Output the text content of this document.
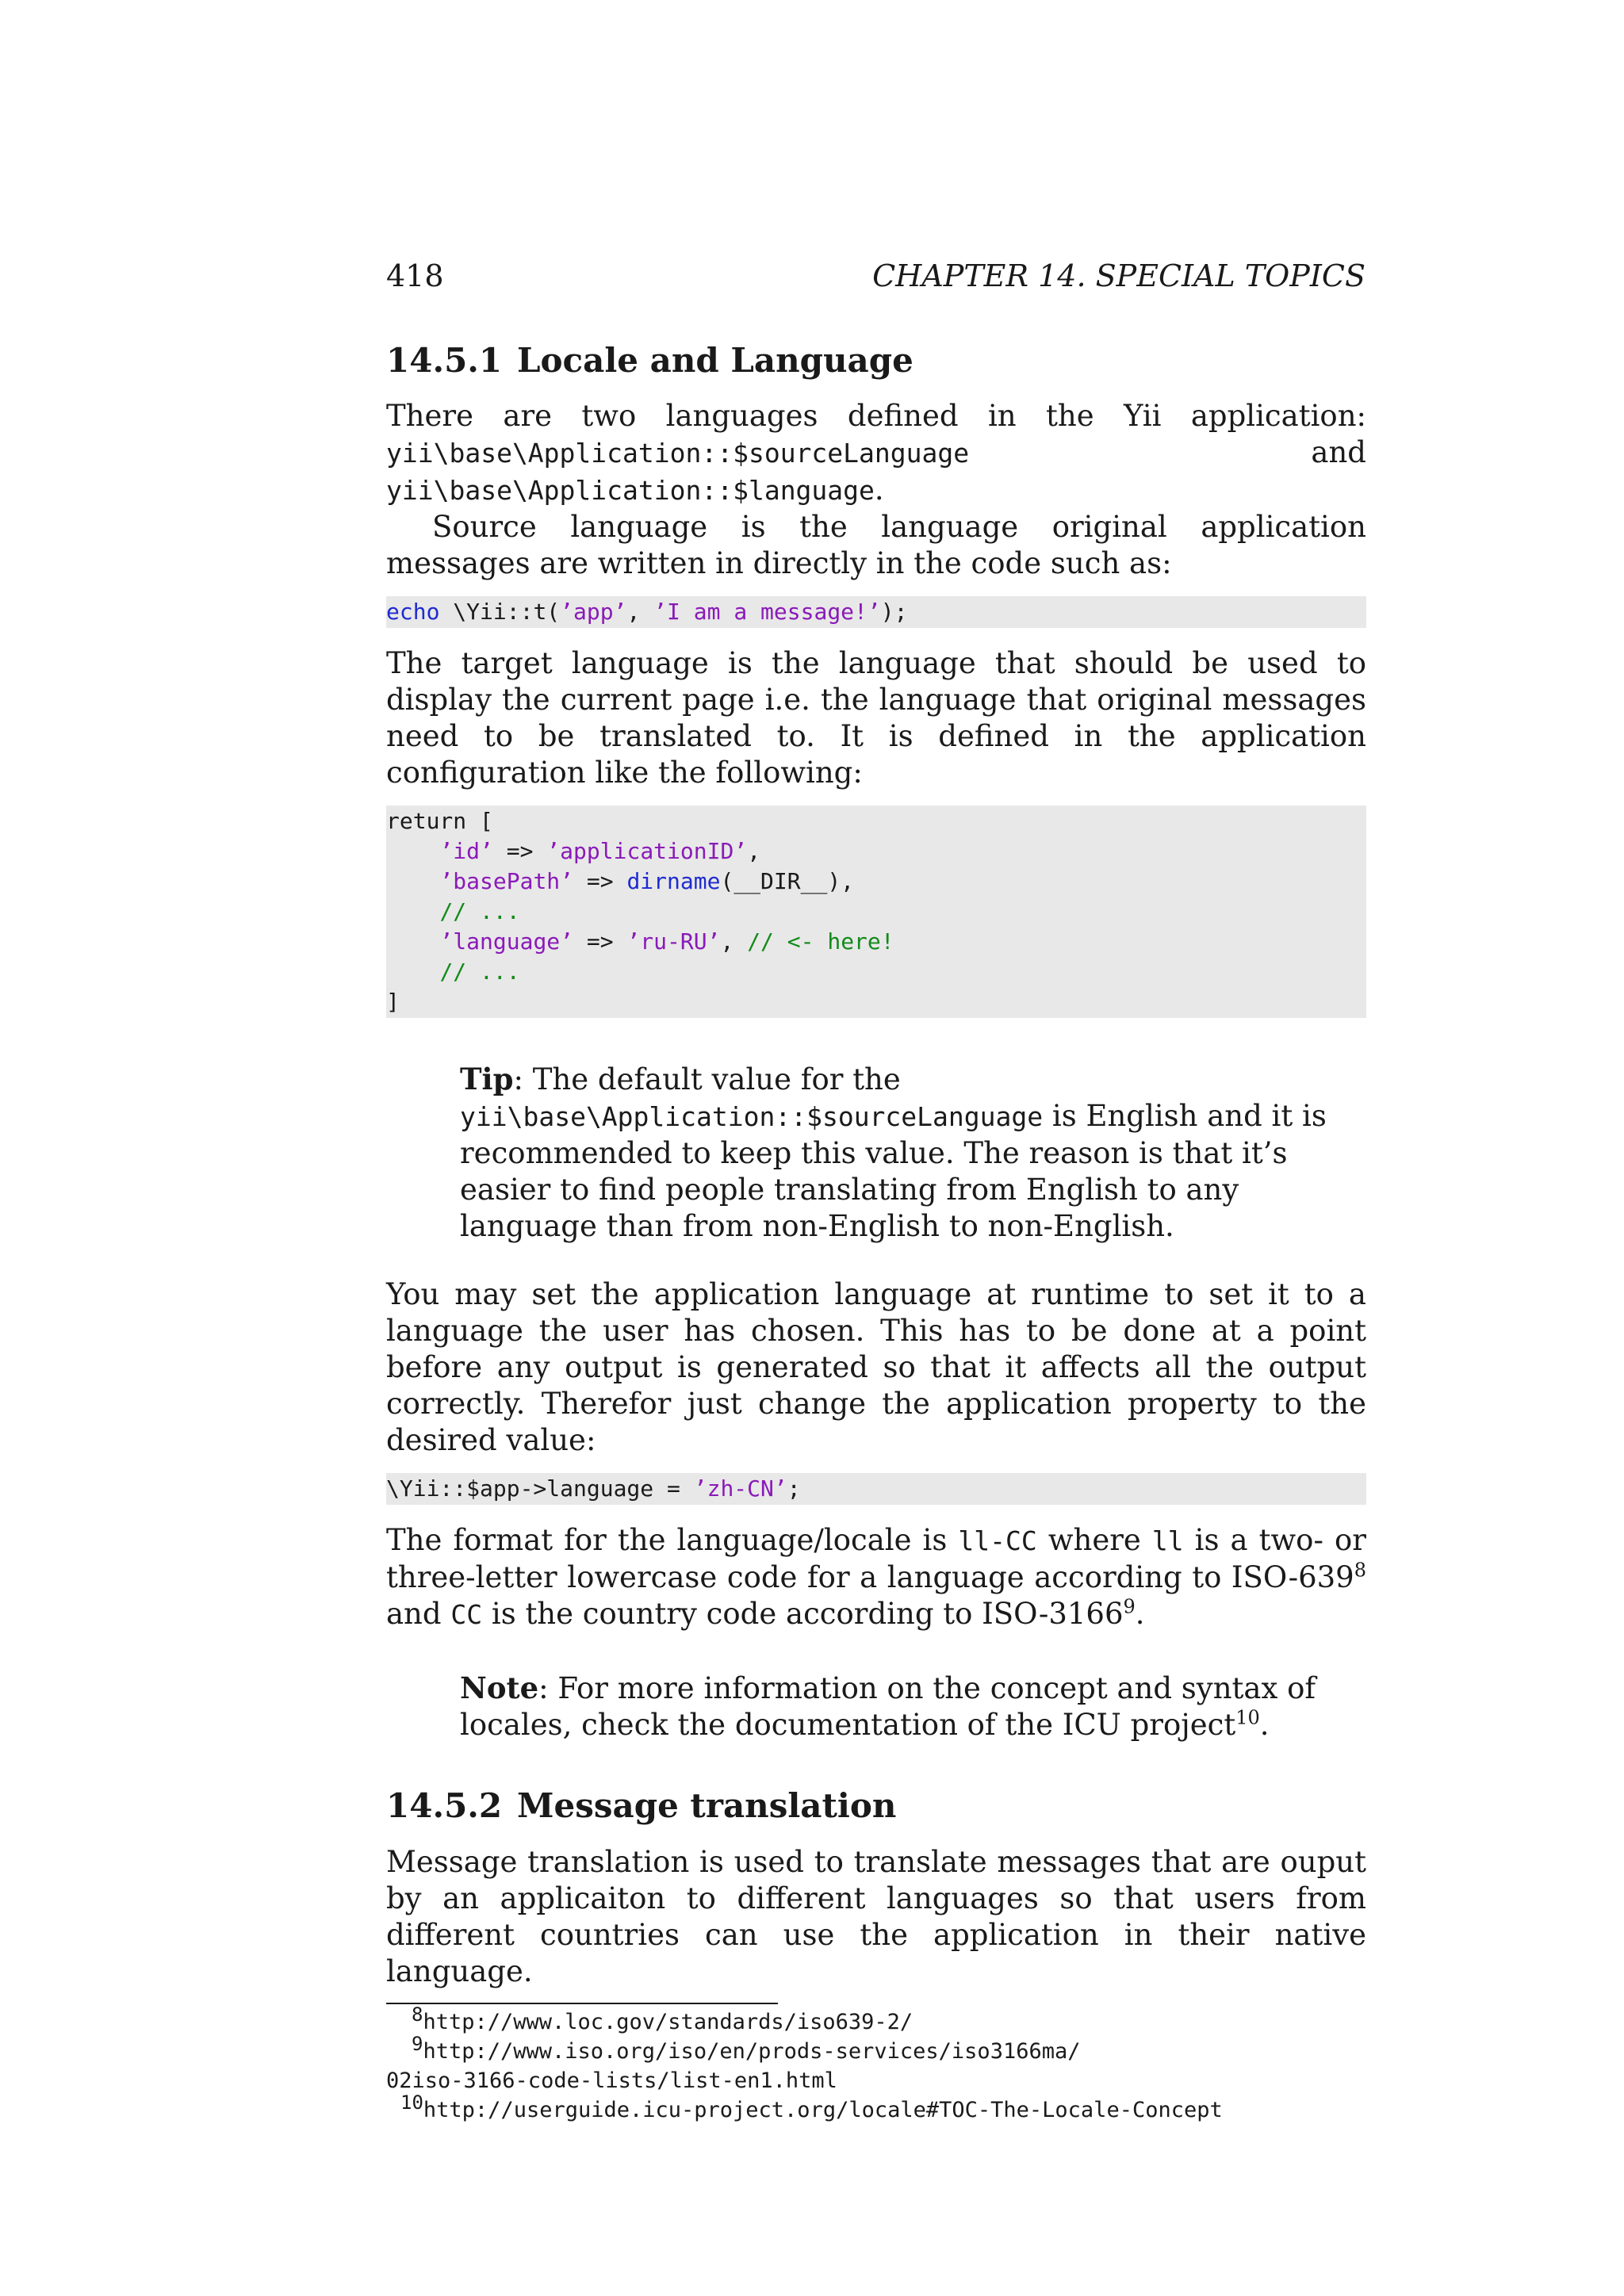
418	CHAPTER 14. SPECIAL TOPICS
14.5.1 Locale and Language

There are two languages defined in the Yii application: yii\base\Application::$sourceLanguage and yii\base\Application::$language.

Source language is the language original application messages are written in directly in the code such as:

echo \Yii::t(’app’, ’I am a message!’);

The target language is the language that should be used to display the current page i.e. the language that original messages need to be translated to. It is defined in the application configuration like the following:

return [
’id’ => ’applicationID’,
’basePath’ => dirname(__DIR__),
// ...
’language’ => ’ru-RU’, // <- here!
// ...
]

Tip: The default value for the yii\base\Application::$sourceLanguage is English and it is recommended to keep this value. The reason is that it’s easier to find people translating from English to any language than from non-English to non-English.

You may set the application language at runtime to set it to a language the user has chosen. This has to be done at a point before any output is generated so that it affects all the output correctly. Therefor just change the application property to the desired value:

\Yii::$app->language = ’zh-CN’;

The format for the language/locale is ll-CC where ll is a two- or three-letter lowercase code for a language according to ISO-$639^8$ and CC is the country code according to ISO-3166$^9$.

Note: For more information on the concept and syntax of locales, check the documentation of the ICU project$^{10}$.

14.5.2 Message translation

Message translation is used to translate messages that are ouput by an applicaiton to different languages so that users from different countries can use the application in their native language.

$^8$http://www.loc.gov/standards/iso639-2/
$^9$http://www.iso.org/iso/en/prods-services/iso3166ma/
02iso-3166-code-lists/list-en1.html
$^{10}$http://userguide.icu-project.org/locale#TOC-The-Locale-Concept
